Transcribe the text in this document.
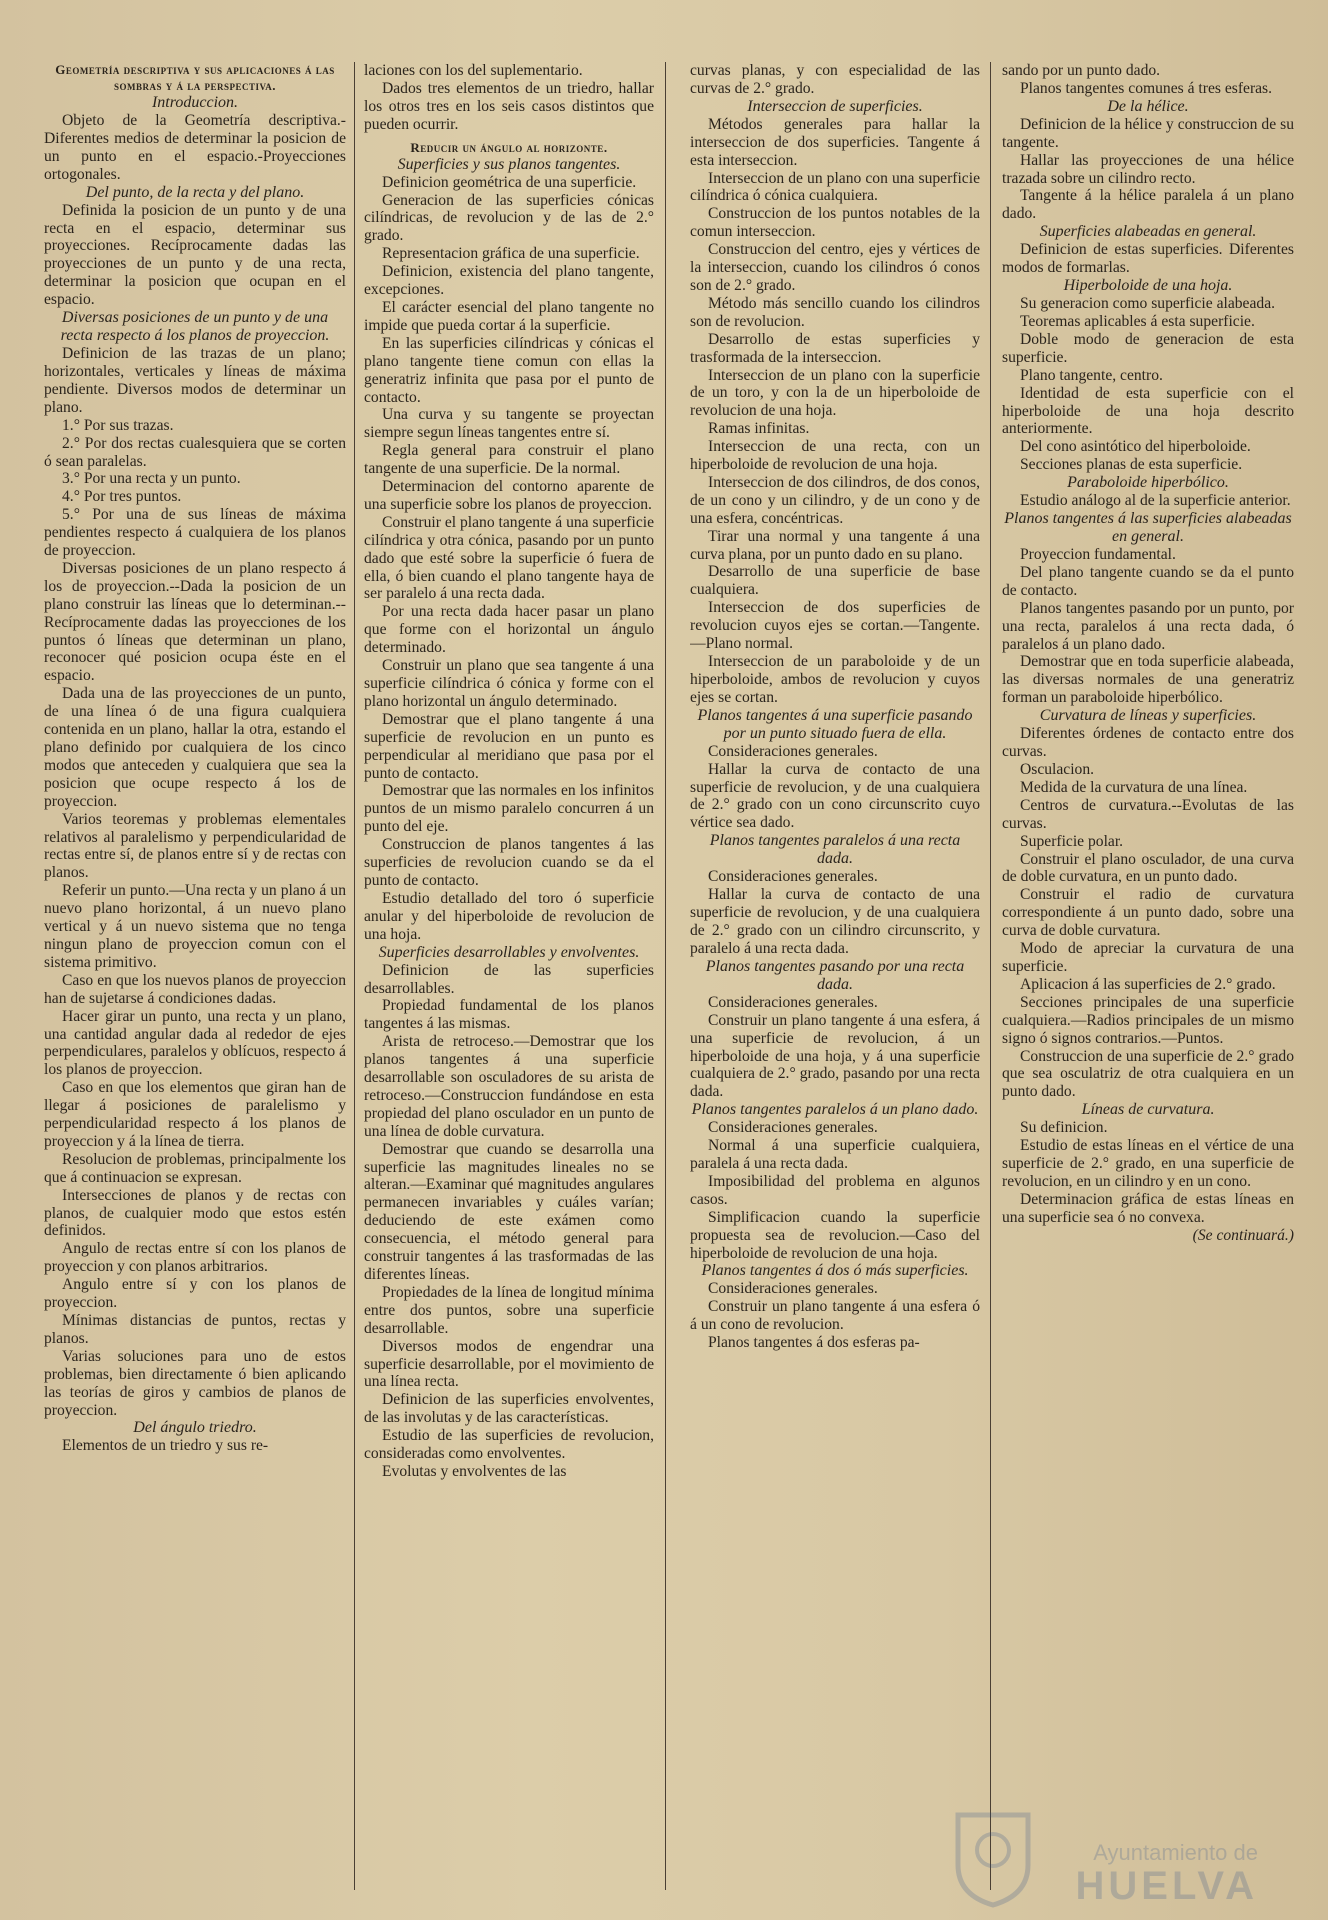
Geometría descriptiva y sus aplicaciones á las sombras y á la perspectiva.

Introduccion.

Objeto de la Geometría descriptiva.-Diferentes medios de determinar la posicion de un punto en el espacio.-Proyecciones ortogonales.

Del punto, de la recta y del plano.

Definida la posicion de un punto y de una recta en el espacio, determinar sus proyecciones. Recíprocamente dadas las proyecciones de un punto y de una recta, determinar la posicion que ocupan en el espacio.

Diversas posiciones de un punto y de una recta respecto á los planos de proyeccion.

Definicion de las trazas de un plano; horizontales, verticales y líneas de máxima pendiente. Diversos modos de determinar un plano.

1.° Por sus trazas.

2.° Por dos rectas cualesquiera que se corten ó sean paralelas.

3.° Por una recta y un punto.

4.° Por tres puntos.

5.° Por una de sus líneas de máxima pendientes respecto á cualquiera de los planos de proyeccion.

Diversas posiciones de un plano respecto á los de proyeccion.--Dada la posicion de un plano construir las líneas que lo determinan.--Recíprocamente dadas las proyecciones de los puntos ó líneas que determinan un plano, reconocer qué posicion ocupa éste en el espacio.

Dada una de las proyecciones de un punto, de una línea ó de una figura cualquiera contenida en un plano, hallar la otra, estando el plano definido por cualquiera de los cinco modos que anteceden y cualquiera que sea la posicion que ocupe respecto á los de proyeccion.

Varios teoremas y problemas elementales relativos al paralelismo y perpendicularidad de rectas entre sí, de planos entre sí y de rectas con planos.

Referir un punto.—Una recta y un plano á un nuevo plano horizontal, á un nuevo plano vertical y á un nuevo sistema que no tenga ningun plano de proyeccion comun con el sistema primitivo.

Caso en que los nuevos planos de proyeccion han de sujetarse á condiciones dadas.

Hacer girar un punto, una recta y un plano, una cantidad angular dada al rededor de ejes perpendiculares, paralelos y oblícuos, respecto á los planos de proyeccion.

Caso en que los elementos que giran han de llegar á posiciones de paralelismo y perpendicularidad respecto á los planos de proyeccion y á la línea de tierra.

Resolucion de problemas, principalmente los que á continuacion se expresan.

Intersecciones de planos y de rectas con planos, de cualquier modo que estos estén definidos.

Angulo de rectas entre sí con los planos de proyeccion y con planos arbitrarios.

Angulo entre sí y con los planos de proyeccion.

Mínimas distancias de puntos, rectas y planos.

Varias soluciones para uno de estos problemas, bien directamente ó bien aplicando las teorías de giros y cambios de planos de proyeccion.

Del ángulo triedro.

Elementos de un triedro y sus re-

laciones con los del suplementario.

Dados tres elementos de un triedro, hallar los otros tres en los seis casos distintos que pueden ocurrir.

Reducir un ángulo al horizonte.

Superficies y sus planos tangentes.

Definicion geométrica de una superficie.

Generacion de las superficies cónicas cilíndricas, de revolucion y de las de 2.° grado.

Representacion gráfica de una superficie.

Definicion, existencia del plano tangente, excepciones.

El carácter esencial del plano tangente no impide que pueda cortar á la superficie.

En las superficies cilíndricas y cónicas el plano tangente tiene comun con ellas la generatriz infinita que pasa por el punto de contacto.

Una curva y su tangente se proyectan siempre segun líneas tangentes entre sí.

Regla general para construir el plano tangente de una superficie. De la normal.

Determinacion del contorno aparente de una superficie sobre los planos de proyeccion.

Construir el plano tangente á una superficie cilíndrica y otra cónica, pasando por un punto dado que esté sobre la superficie ó fuera de ella, ó bien cuando el plano tangente haya de ser paralelo á una recta dada.

Por una recta dada hacer pasar un plano que forme con el horizontal un ángulo determinado.

Construir un plano que sea tangente á una superficie cilíndrica ó cónica y forme con el plano horizontal un ángulo determinado.

Demostrar que el plano tangente á una superficie de revolucion en un punto es perpendicular al meridiano que pasa por el punto de contacto.

Demostrar que las normales en los infinitos puntos de un mismo paralelo concurren á un punto del eje.

Construccion de planos tangentes á las superficies de revolucion cuando se da el punto de contacto.

Estudio detallado del toro ó superficie anular y del hiperboloide de revolucion de una hoja.

Superficies desarrollables y envolventes.

Definicion de las superficies desarrollables.

Propiedad fundamental de los planos tangentes á las mismas.

Arista de retroceso.—Demostrar que los planos tangentes á una superficie desarrollable son osculadores de su arista de retroceso.—Construccion fundándose en esta propiedad del plano osculador en un punto de una línea de doble curvatura.

Demostrar que cuando se desarrolla una superficie las magnitudes lineales no se alteran.—Examinar qué magnitudes angulares permanecen invariables y cuáles varían; deduciendo de este exámen como consecuencia, el método general para construir tangentes á las trasformadas de las diferentes líneas.

Propiedades de la línea de longitud mínima entre dos puntos, sobre una superficie desarrollable.

Diversos modos de engendrar una superficie desarrollable, por el movimiento de una línea recta.

Definicion de las superficies envolventes, de las involutas y de las características.

Estudio de las superficies de revolucion, consideradas como envolventes.

Evolutas y envolventes de las

curvas planas, y con especialidad de las curvas de 2.° grado.

Interseccion de superficies.

Métodos generales para hallar la interseccion de dos superficies. Tangente á esta interseccion.

Interseccion de un plano con una superficie cilíndrica ó cónica cualquiera.

Construccion de los puntos notables de la comun interseccion.

Construccion del centro, ejes y vértices de la interseccion, cuando los cilindros ó conos son de 2.° grado.

Método más sencillo cuando los cilindros son de revolucion.

Desarrollo de estas superficies y trasformada de la interseccion.

Interseccion de un plano con la superficie de un toro, y con la de un hiperboloide de revolucion de una hoja.

Ramas infinitas.

Interseccion de una recta, con un hiperboloide de revolucion de una hoja.

Interseccion de dos cilindros, de dos conos, de un cono y un cilindro, y de un cono y de una esfera, concéntricas.

Tirar una normal y una tangente á una curva plana, por un punto dado en su plano.

Desarrollo de una superficie de base cualquiera.

Interseccion de dos superficies de revolucion cuyos ejes se cortan.—Tangente.—Plano normal.

Interseccion de un paraboloide y de un hiperboloide, ambos de revolucion y cuyos ejes se cortan.

Planos tangentes á una superficie pasando por un punto situado fuera de ella.

Consideraciones generales.

Hallar la curva de contacto de una superficie de revolucion, y de una cualquiera de 2.° grado con un cono circunscrito cuyo vértice sea dado.

Planos tangentes paralelos á una recta dada.

Consideraciones generales.

Hallar la curva de contacto de una superficie de revolucion, y de una cualquiera de 2.° grado con un cilindro circunscrito, y paralelo á una recta dada.

Planos tangentes pasando por una recta dada.

Consideraciones generales.

Construir un plano tangente á una esfera, á una superficie de revolucion, á un hiperboloide de una hoja, y á una superficie cualquiera de 2.° grado, pasando por una recta dada.

Planos tangentes paralelos á un plano dado.

Consideraciones generales.

Normal á una superficie cualquiera, paralela á una recta dada.

Imposibilidad del problema en algunos casos.

Simplificacion cuando la superficie propuesta sea de revolucion.—Caso del hiperboloide de revolucion de una hoja.

Planos tangentes á dos ó más superficies.

Consideraciones generales.

Construir un plano tangente á una esfera ó á un cono de revolucion.

Planos tangentes á dos esferas pa-

sando por un punto dado.

Planos tangentes comunes á tres esferas.

De la hélice.

Definicion de la hélice y construccion de su tangente.

Hallar las proyecciones de una hélice trazada sobre un cilindro recto.

Tangente á la hélice paralela á un plano dado.

Superficies alabeadas en general.

Definicion de estas superficies. Diferentes modos de formarlas.

Hiperboloide de una hoja.

Su generacion como superficie alabeada.

Teoremas aplicables á esta superficie.

Doble modo de generacion de esta superficie.

Plano tangente, centro.

Identidad de esta superficie con el hiperboloide de una hoja descrito anteriormente.

Del cono asintótico del hiperboloide.

Secciones planas de esta superficie.

Paraboloide hiperbólico.

Estudio análogo al de la superficie anterior.

Planos tangentes á las superficies alabeadas en general.

Proyeccion fundamental.

Del plano tangente cuando se da el punto de contacto.

Planos tangentes pasando por un punto, por una recta, paralelos á una recta dada, ó paralelos á un plano dado.

Demostrar que en toda superficie alabeada, las diversas normales de una generatriz forman un paraboloide hiperbólico.

Curvatura de líneas y superficies.

Diferentes órdenes de contacto entre dos curvas.

Osculacion.

Medida de la curvatura de una línea.

Centros de curvatura.--Evolutas de las curvas.

Superficie polar.

Construir el plano osculador, de una curva de doble curvatura, en un punto dado.

Construir el radio de curvatura correspondiente á un punto dado, sobre una curva de doble curvatura.

Modo de apreciar la curvatura de una superficie.

Aplicacion á las superficies de 2.° grado.

Secciones principales de una superficie cualquiera.—Radios principales de un mismo signo ó signos contrarios.—Puntos.

Construccion de una superficie de 2.° grado que sea osculatriz de otra cualquiera en un punto dado.

Líneas de curvatura.

Su definicion.

Estudio de estas líneas en el vértice de una superficie de 2.° grado, en una superficie de revolucion, en un cilindro y en un cono.

Determinacion gráfica de estas líneas en una superficie sea ó no convexa.

(Se continuará.)

Ayuntamiento de
HUELVA
